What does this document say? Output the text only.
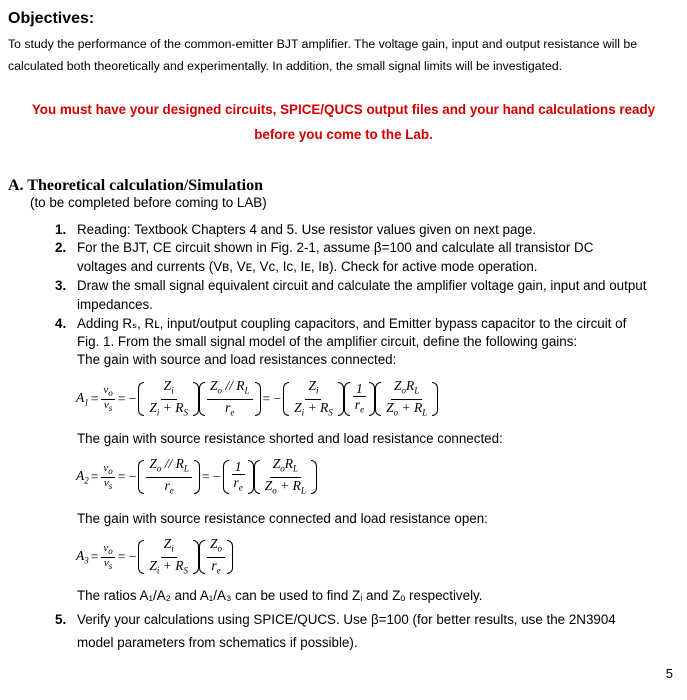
Objectives:
To study the performance of the common-emitter BJT amplifier. The voltage gain, input and output resistance will be
calculated both theoretically and experimentally. In addition, the small signal limits will be investigated.
You must have your designed circuits, SPICE/QUCS output files and your hand calculations ready
before you come to the Lab.
A. Theoretical calculation/Simulation
(to be completed before coming to LAB)
1. Reading: Textbook Chapters 4 and 5. Use resistor values given on next page.
2. For the BJT, CE circuit shown in Fig. 2-1, assume β=100 and calculate all transistor DC
voltages and currents (Vʙ, Vᴇ, Vᴄ, Iᴄ, Iᴇ, Iʙ). Check for active mode operation.
3. Draw the small signal equivalent circuit and calculate the amplifier voltage gain, input and output
impedances.
4. Adding Rₛ, Rʟ, input/output coupling capacitors, and Emitter bypass capacitor to the circuit of
Fig. 1. From the small signal model of the amplifier circuit, define the following gains:
The gain with source and load resistances connected:
$A_1 = \frac{v_o}{v_s}$ = −
$Z_i$
$Z_i + R_S$
$Z_o // R_L$
$r_e$
= −
$Z_i$
$Z_i + R_S$
1
$r_e$
$Z_oR_L$
$Z_o + R_L$
The gain with source resistance shorted and load resistance connected:
$A_2 = \frac{v_o}{v_s}$ = −
$Z_o // R_L$
$r_e$
= −
1
$r_e$
$Z_oR_L$
$Z_o + R_L$
The gain with source resistance connected and load resistance open:
$A_3 = \frac{v_o}{v_s}$ = −
$Z_i$
$Z_i + R_S$
$Z_o$
$r_e$
The ratios A₁/A₂ and A₁/A₃ can be used to find Zᵢ and Zₒ respectively.
5. Verify your calculations using SPICE/QUCS. Use β=100 (for better results, use the 2N3904
model parameters from schematics if possible).
5
